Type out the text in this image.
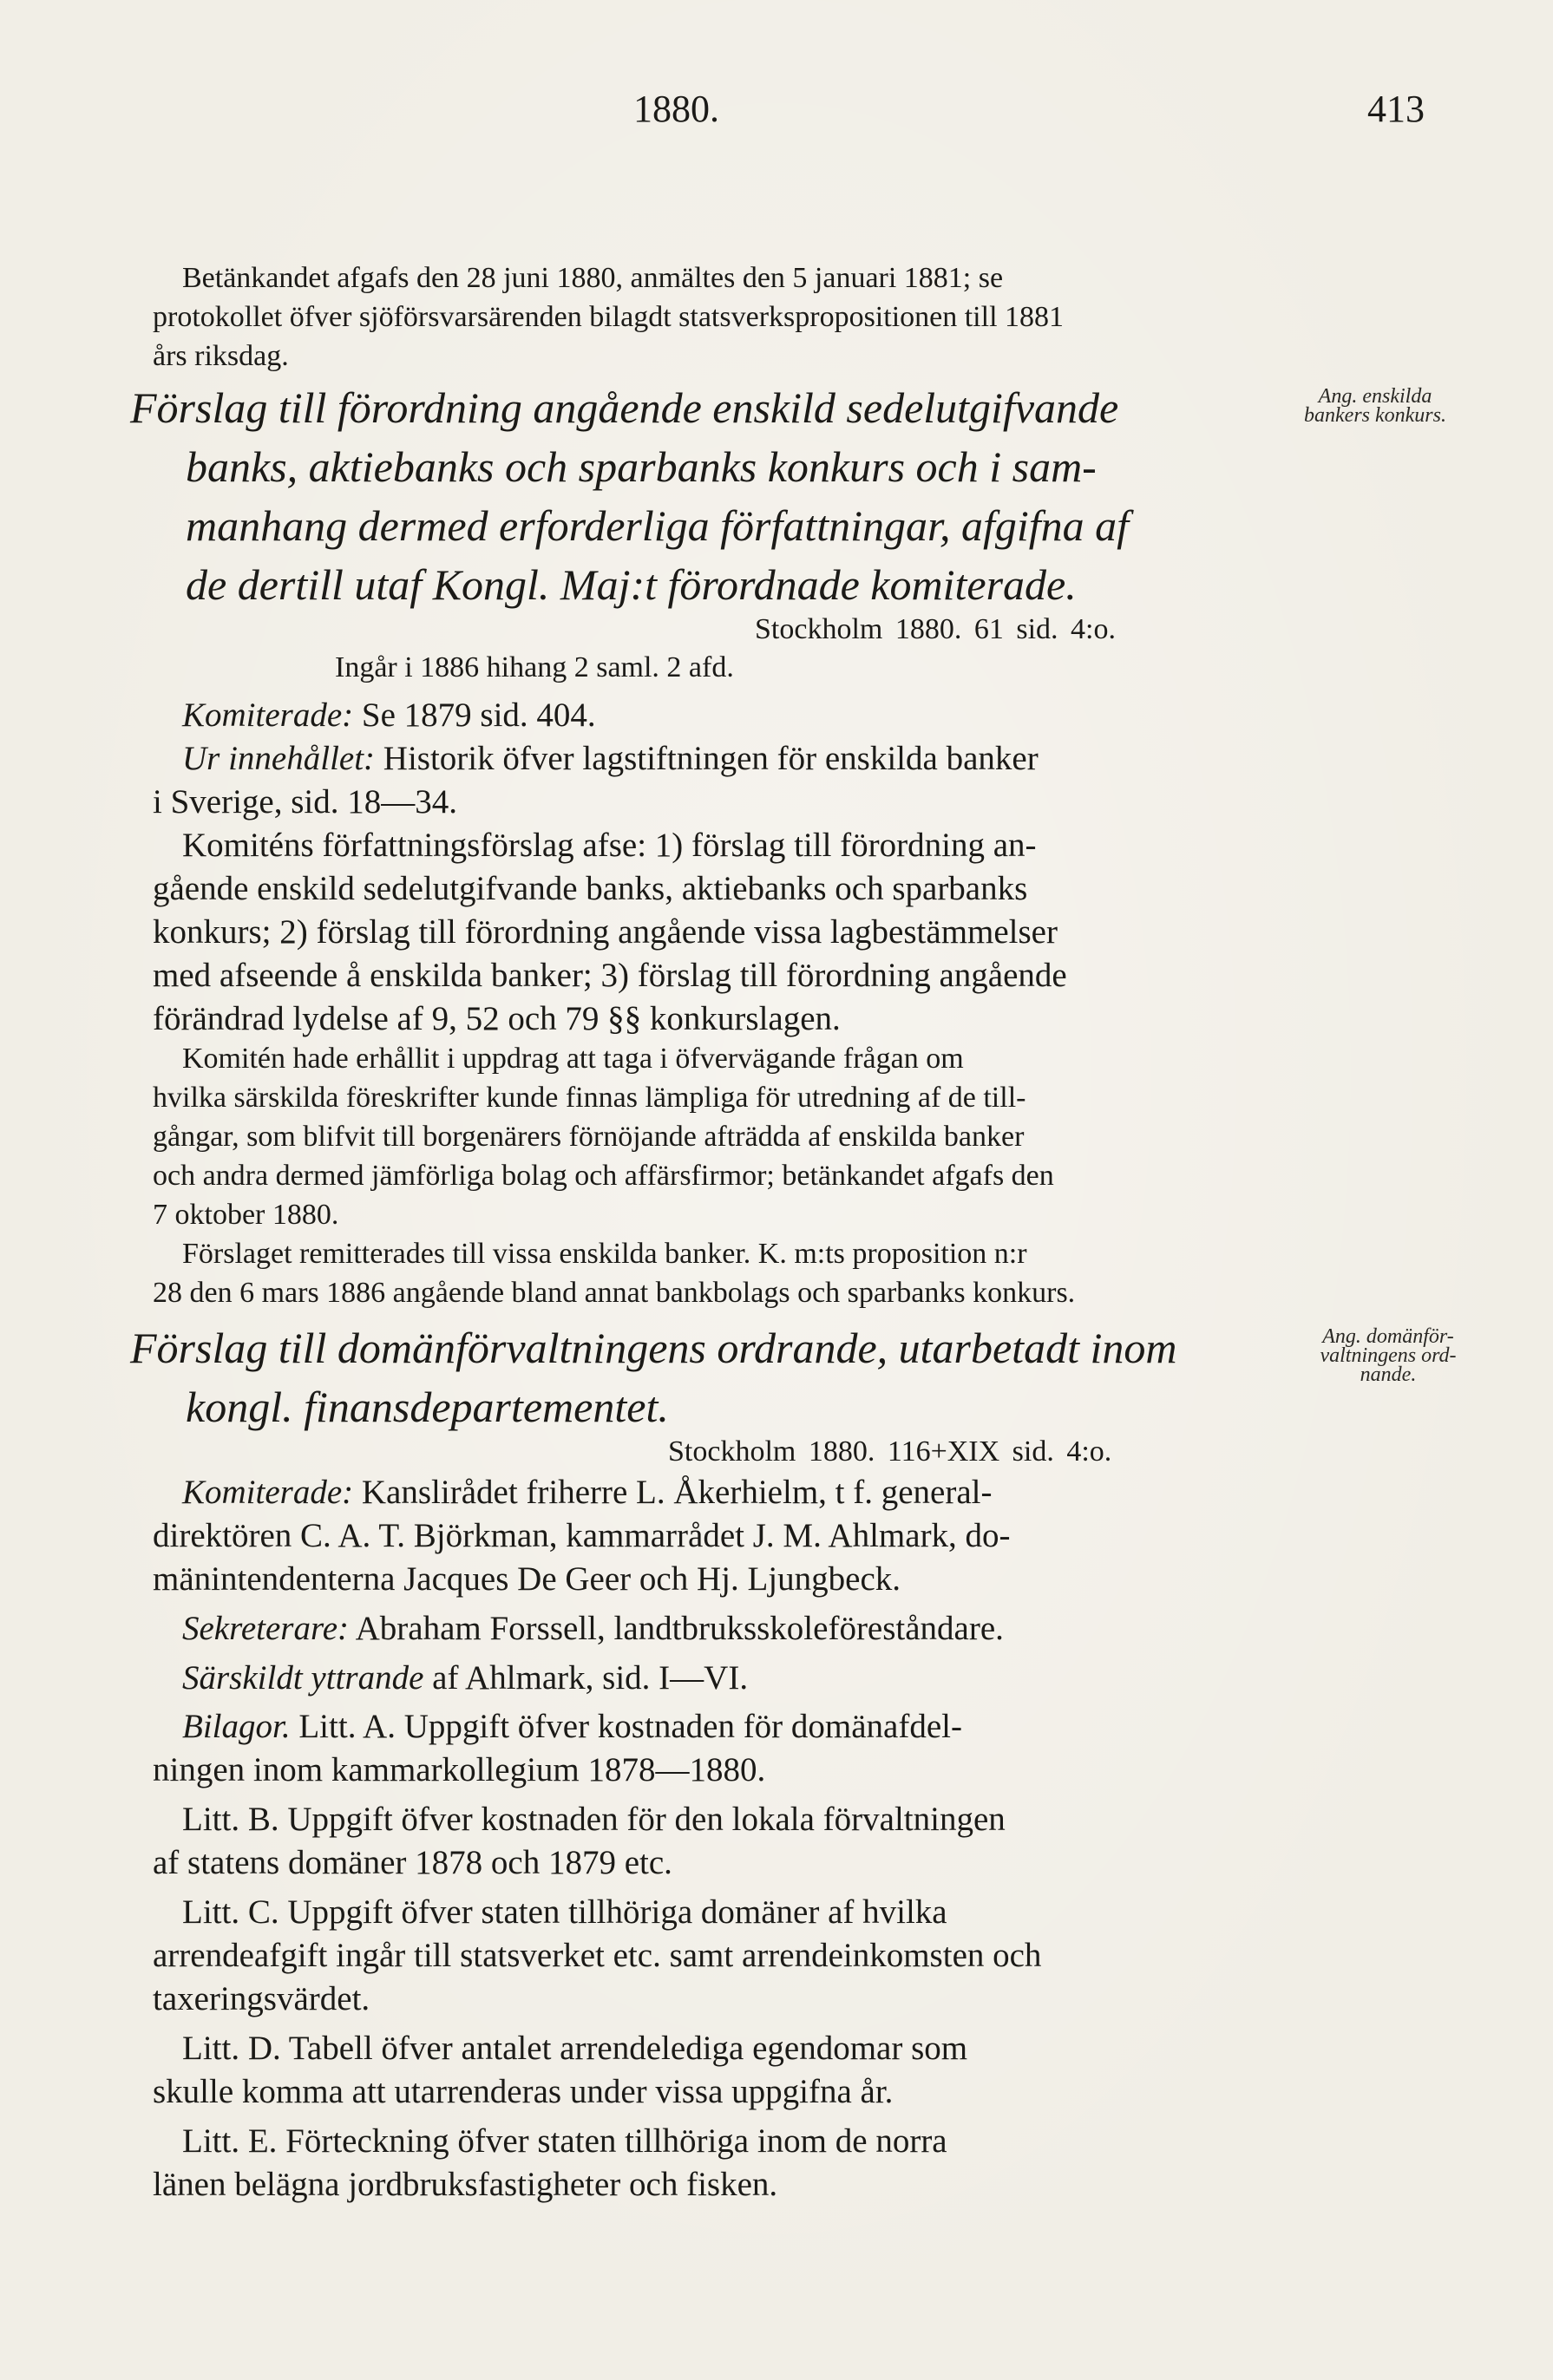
1880.	413
Betänkandet afgafs den 28 juni 1880, anmältes den 5 januari 1881; se
protokollet öfver sjöförsvarsärenden bilagdt statsverkspropositionen till 1881
års riksdag.
Förslag till förordning angående enskild sedelutgifvande	Ang. enskilda
bankers konkurs.
banks, aktiebanks och sparbanks konkurs och i sam-
manhang dermed erforderliga författningar, afgifna af
de dertill utaf Kongl. Maj:t förordnade komiterade.
Stockholm 1880. 61 sid. 4:o.
Ingår i 1886 hihang 2 saml. 2 afd.
Komiterade: Se 1879 sid. 404.
Ur innehållet: Historik öfver lagstiftningen för enskilda banker
i Sverige, sid. 18—34.
Komiténs författningsförslag afse: 1) förslag till förordning an-
gående enskild sedelutgifvande banks, aktiebanks och sparbanks
konkurs; 2) förslag till förordning angående vissa lagbestämmelser
med afseende å enskilda banker; 3) förslag till förordning angående
förändrad lydelse af 9, 52 och 79 §§ konkurslagen.
Komitén hade erhållit i uppdrag att taga i öfvervägande frågan om
hvilka särskilda föreskrifter kunde finnas lämpliga för utredning af de till-
gångar, som blifvit till borgenärers förnöjande afträdda af enskilda banker
och andra dermed jämförliga bolag och affärsfirmor; betänkandet afgafs den
7 oktober 1880.
Förslaget remitterades till vissa enskilda banker. K. m:ts proposition n:r
28 den 6 mars 1886 angående bland annat bankbolags och sparbanks konkurs.
Förslag till domänförvaltningens ordrande, utarbetadt inom	Ang. domänför-
valtningens ord-
nande.
kongl. finansdepartementet.
Stockholm 1880. 116+XIX sid. 4:o.
Komiterade: Kanslirådet friherre L. Åkerhielm, t f. general-
direktören C. A. T. Björkman, kammarrådet J. M. Ahlmark, do-
mänintendenterna Jacques De Geer och Hj. Ljungbeck.
Sekreterare: Abraham Forssell, landtbruksskoleföreståndare.
Särskildt yttrande af Ahlmark, sid. I—VI.
Bilagor. Litt. A. Uppgift öfver kostnaden för domänafdel-
ningen inom kammarkollegium 1878—1880.
Litt. B. Uppgift öfver kostnaden för den lokala förvaltningen
af statens domäner 1878 och 1879 etc.
Litt. C. Uppgift öfver staten tillhöriga domäner af hvilka
arrendeafgift ingår till statsverket etc. samt arrendeinkomsten och
taxeringsvärdet.
Litt. D. Tabell öfver antalet arrendelediga egendomar som
skulle komma att utarrenderas under vissa uppgifna år.
Litt. E. Förteckning öfver staten tillhöriga inom de norra
länen belägna jordbruksfastigheter och fisken.
